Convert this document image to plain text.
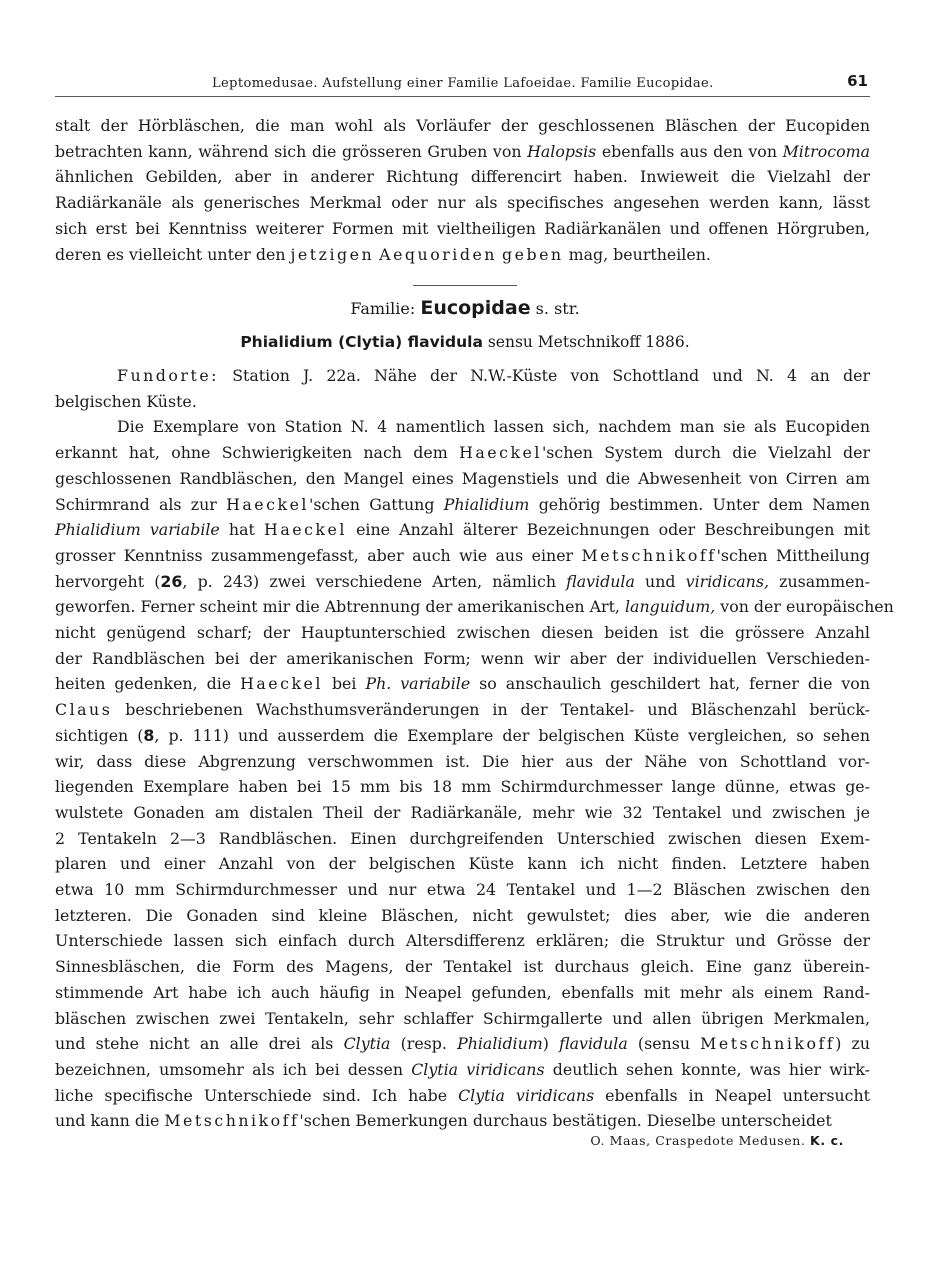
Leptomedusae. Aufstellung einer Familie Lafoeidae. Familie Eucopidae.	61
stalt der Hörbläschen, die man wohl als Vorläufer der geschlossenen Bläschen der Eucopiden
betrachten kann, während sich die grösseren Gruben von Halopsis ebenfalls aus den von Mitrocoma
ähnlichen Gebilden, aber in anderer Richtung differencirt haben. Inwieweit die Vielzahl der
Radiärkanäle als generisches Merkmal oder nur als specifisches angesehen werden kann, lässt
sich erst bei Kenntniss weiterer Formen mit vieltheiligen Radiärkanälen und offenen Hörgruben,
deren es vielleicht unter den jetzigen Aequoriden geben mag, beurtheilen.
Familie: Eucopidae s. str.
Phialidium (Clytia) flavidula sensu Metschnikoff 1886.
Fundorte: Station J. 22a. Nähe der N.W.-Küste von Schottland und N. 4 an der
belgischen Küste.
Die Exemplare von Station N. 4 namentlich lassen sich, nachdem man sie als Eucopiden
erkannt hat, ohne Schwierigkeiten nach dem Haeckel'schen System durch die Vielzahl der
geschlossenen Randbläschen, den Mangel eines Magenstiels und die Abwesenheit von Cirren am
Schirmrand als zur Haeckel'schen Gattung Phialidium gehörig bestimmen. Unter dem Namen
Phialidium variabile hat Haeckel eine Anzahl älterer Bezeichnungen oder Beschreibungen mit
grosser Kenntniss zusammengefasst, aber auch wie aus einer Metschnikoff'schen Mittheilung
hervorgeht (26, p. 243) zwei verschiedene Arten, nämlich flavidula und viridicans, zusammen-
geworfen. Ferner scheint mir die Abtrennung der amerikanischen Art, languidum, von der europäischen
nicht genügend scharf; der Hauptunterschied zwischen diesen beiden ist die grössere Anzahl
der Randbläschen bei der amerikanischen Form; wenn wir aber der individuellen Verschieden-
heiten gedenken, die Haeckel bei Ph. variabile so anschaulich geschildert hat, ferner die von
Claus beschriebenen Wachsthumsveränderungen in der Tentakel- und Bläschenzahl berück-
sichtigen (8, p. 111) und ausserdem die Exemplare der belgischen Küste vergleichen, so sehen
wir, dass diese Abgrenzung verschwommen ist. Die hier aus der Nähe von Schottland vor-
liegenden Exemplare haben bei 15 mm bis 18 mm Schirmdurchmesser lange dünne, etwas ge-
wulstete Gonaden am distalen Theil der Radiärkanäle, mehr wie 32 Tentakel und zwischen je
2 Tentakeln 2—3 Randbläschen. Einen durchgreifenden Unterschied zwischen diesen Exem-
plaren und einer Anzahl von der belgischen Küste kann ich nicht finden. Letztere haben
etwa 10 mm Schirmdurchmesser und nur etwa 24 Tentakel und 1—2 Bläschen zwischen den
letzteren. Die Gonaden sind kleine Bläschen, nicht gewulstet; dies aber, wie die anderen
Unterschiede lassen sich einfach durch Altersdifferenz erklären; die Struktur und Grösse der
Sinnesbläschen, die Form des Magens, der Tentakel ist durchaus gleich. Eine ganz überein-
stimmende Art habe ich auch häufig in Neapel gefunden, ebenfalls mit mehr als einem Rand-
bläschen zwischen zwei Tentakeln, sehr schlaffer Schirmgallerte und allen übrigen Merkmalen,
und stehe nicht an alle drei als Clytia (resp. Phialidium) flavidula (sensu Metschnikoff) zu
bezeichnen, umsomehr als ich bei dessen Clytia viridicans deutlich sehen konnte, was hier wirk-
liche specifische Unterschiede sind. Ich habe Clytia viridicans ebenfalls in Neapel untersucht
und kann die Metschnikoff'schen Bemerkungen durchaus bestätigen. Dieselbe unterscheidet
O. Maas, Craspedote Medusen. K. c.
